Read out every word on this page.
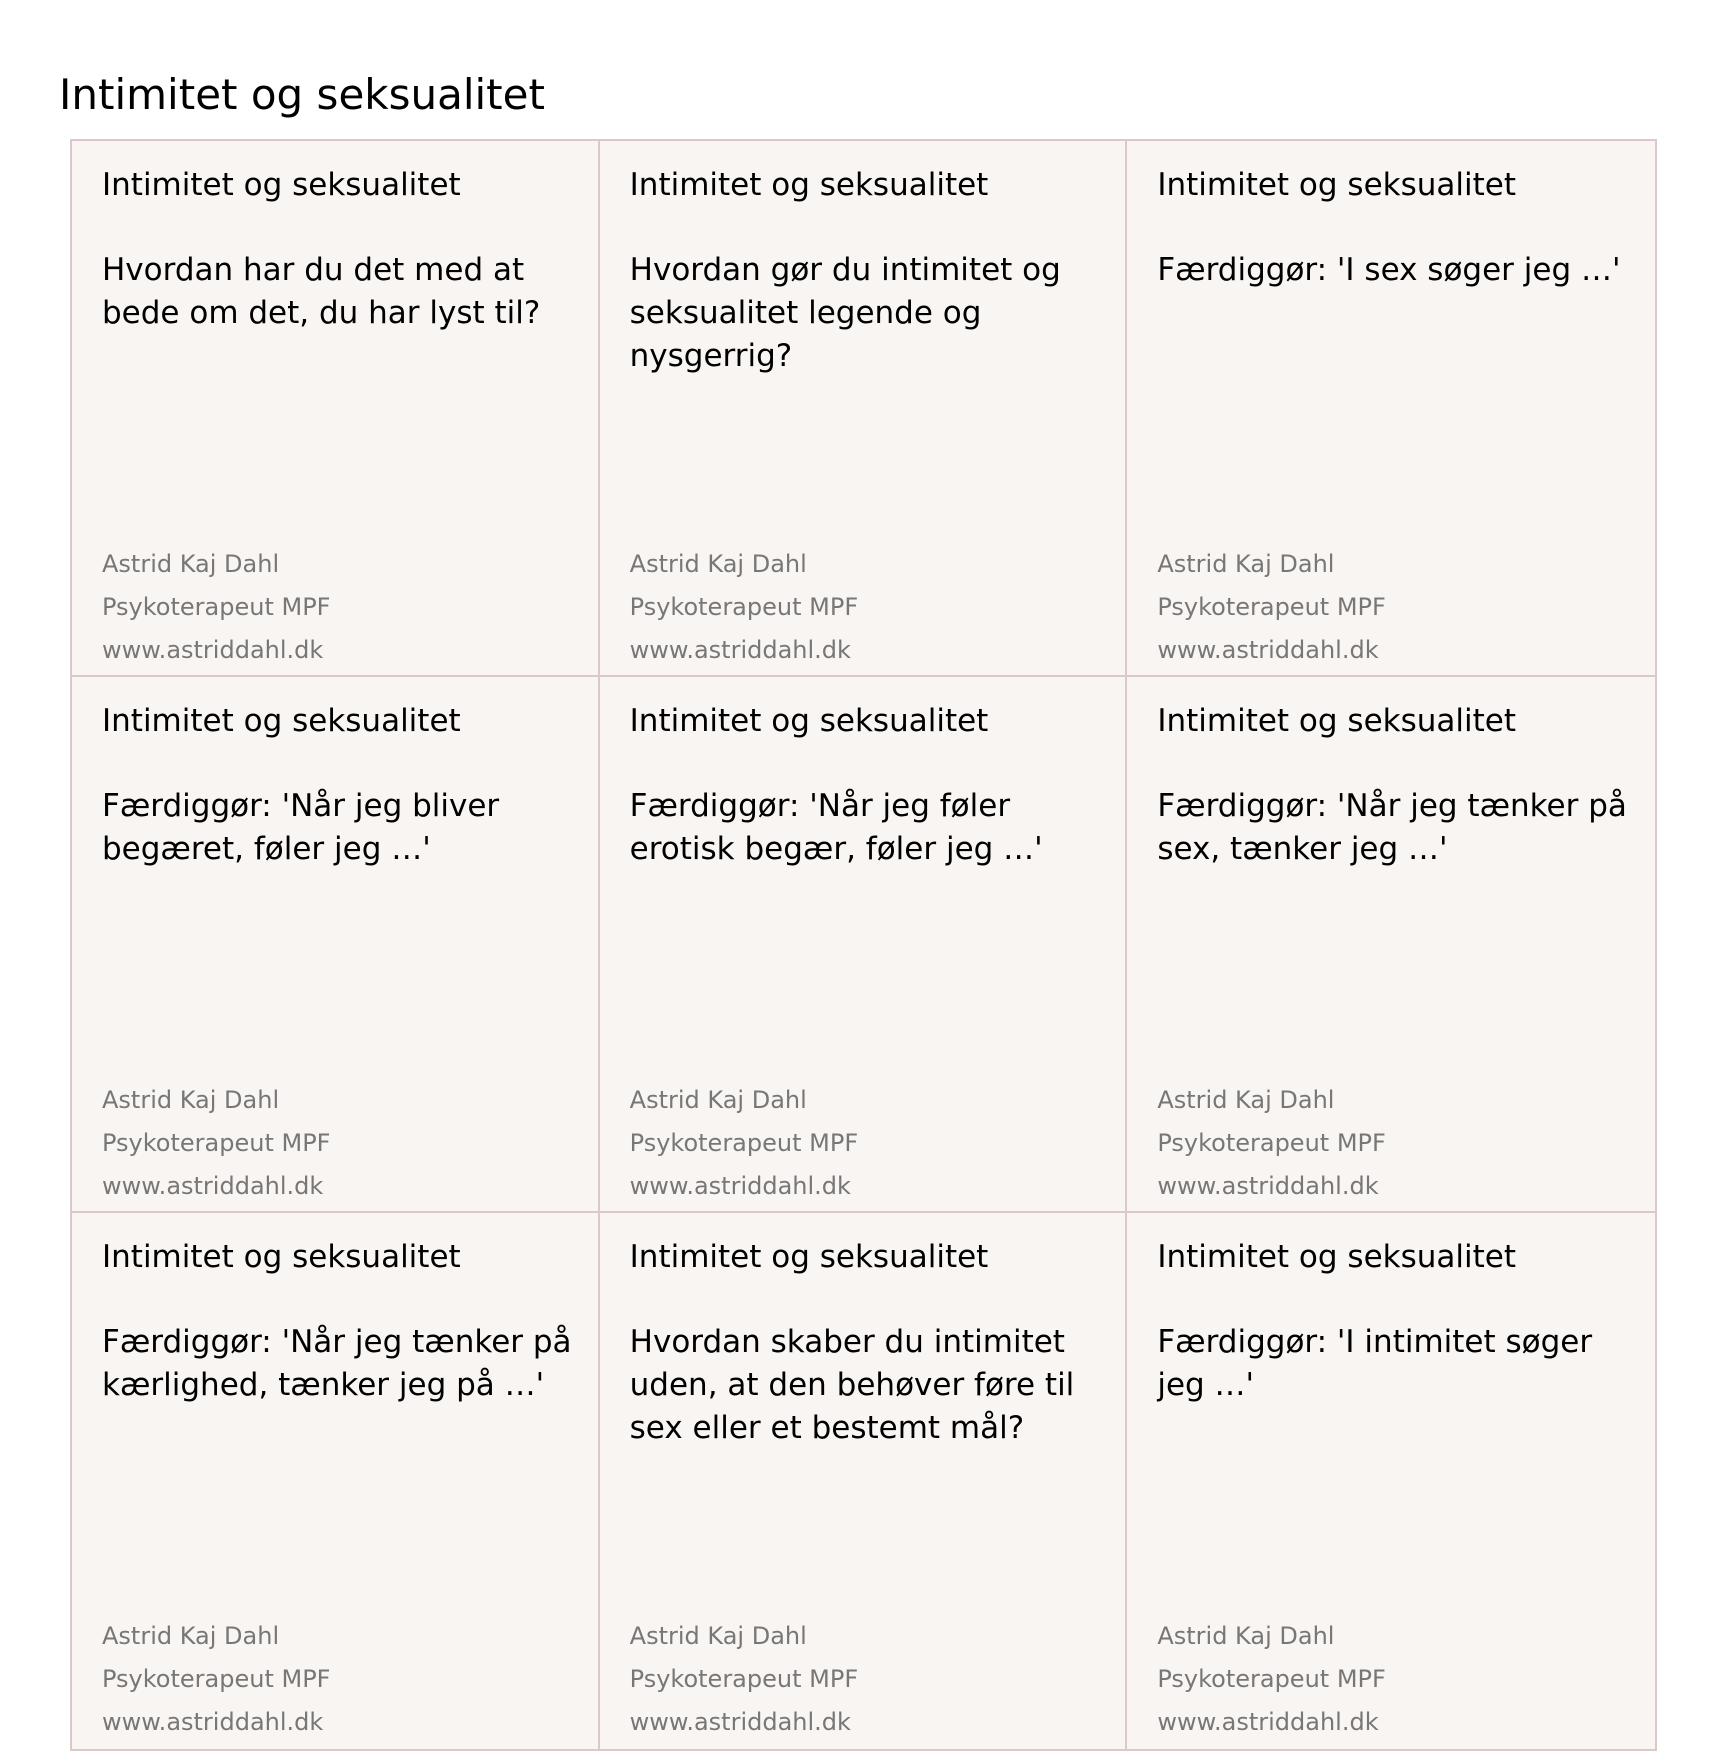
Intimitet og seksualitet
Intimitet og seksualitet
Hvordan har du det med at bede om det, du har lyst til?
Astrid Kaj Dahl
Psykoterapeut MPF
www.astriddahl.dk
Intimitet og seksualitet
Hvordan gør du intimitet og seksualitet legende og nysgerrig?
Astrid Kaj Dahl
Psykoterapeut MPF
www.astriddahl.dk
Intimitet og seksualitet
Færdiggør: 'I sex søger jeg …'
Astrid Kaj Dahl
Psykoterapeut MPF
www.astriddahl.dk
Intimitet og seksualitet
Færdiggør: 'Når jeg bliver begæret, føler jeg …'
Astrid Kaj Dahl
Psykoterapeut MPF
www.astriddahl.dk
Intimitet og seksualitet
Færdiggør: 'Når jeg føler erotisk begær, føler jeg …'
Astrid Kaj Dahl
Psykoterapeut MPF
www.astriddahl.dk
Intimitet og seksualitet
Færdiggør: 'Når jeg tænker på sex, tænker jeg …'
Astrid Kaj Dahl
Psykoterapeut MPF
www.astriddahl.dk
Intimitet og seksualitet
Færdiggør: 'Når jeg tænker på kærlighed, tænker jeg på …'
Astrid Kaj Dahl
Psykoterapeut MPF
www.astriddahl.dk
Intimitet og seksualitet
Hvordan skaber du intimitet uden, at den behøver føre til sex eller et bestemt mål?
Astrid Kaj Dahl
Psykoterapeut MPF
www.astriddahl.dk
Intimitet og seksualitet
Færdiggør: 'I intimitet søger jeg …'
Astrid Kaj Dahl
Psykoterapeut MPF
www.astriddahl.dk
